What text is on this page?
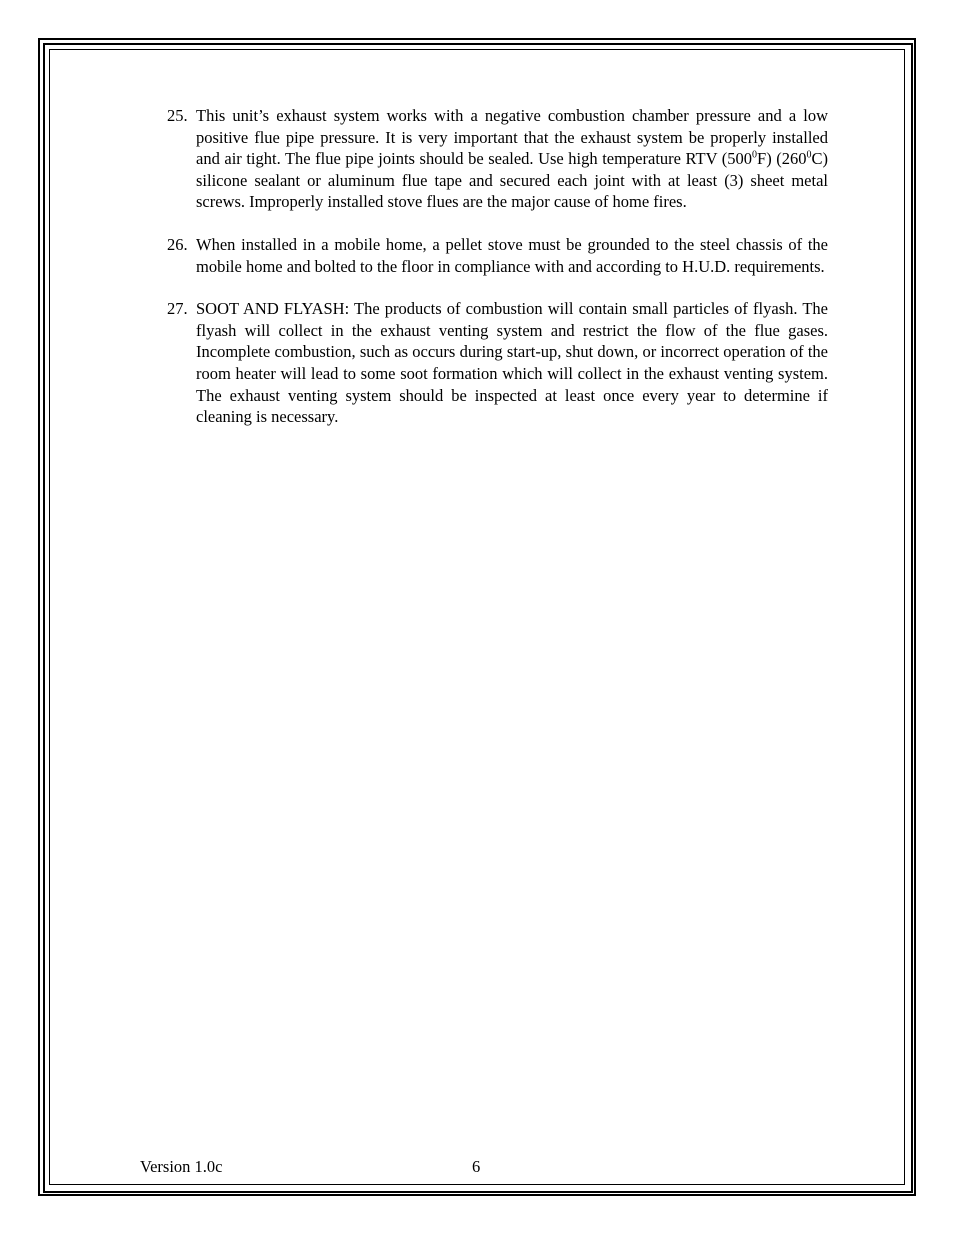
25. This unit’s exhaust system works with a negative combustion chamber pressure and a low positive flue pipe pressure. It is very important that the exhaust system be properly installed and air tight. The flue pipe joints should be sealed. Use high temperature RTV $(500^0F)$ $(260^0C)$ silicone sealant or aluminum flue tape and secured each joint with at least (3) sheet metal screws. Improperly installed stove flues are the major cause of home fires.
26. When installed in a mobile home, a pellet stove must be grounded to the steel chassis of the mobile home and bolted to the floor in compliance with and according to H.U.D. requirements.
27. SOOT AND FLYASH: The products of combustion will contain small particles of flyash. The flyash will collect in the exhaust venting system and restrict the flow of the flue gases. Incomplete combustion, such as occurs during start-up, shut down, or incorrect operation of the room heater will lead to some soot formation which will collect in the exhaust venting system. The exhaust venting system should be inspected at least once every year to determine if cleaning is necessary.
Version 1.0c	6
